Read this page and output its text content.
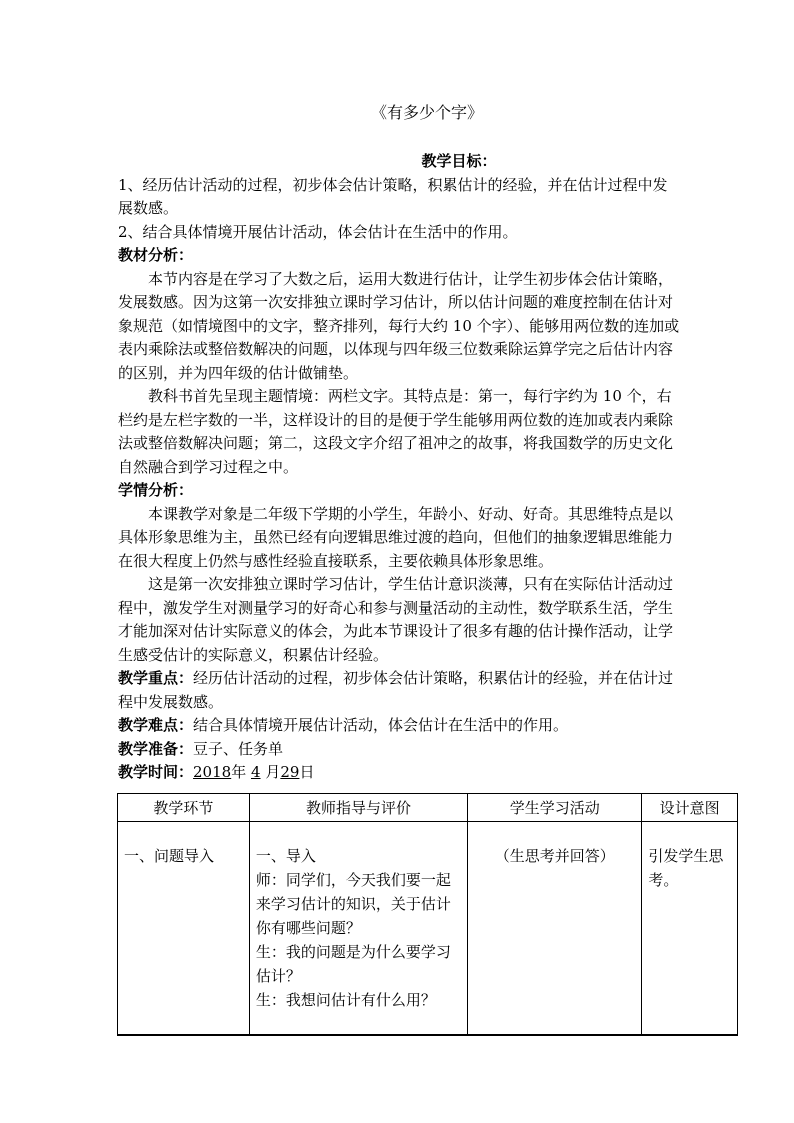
《有多少个字》

教学目标：

1、经历估计活动的过程，初步体会估计策略，积累估计的经验，并在估计过程中发展数感。

2、结合具体情境开展估计活动，体会估计在生活中的作用。

教材分析：

本节内容是在学习了大数之后，运用大数进行估计，让学生初步体会估计策略，发展数感。因为这第一次安排独立课时学习估计，所以估计问题的难度控制在估计对象规范（如情境图中的文字，整齐排列，每行大约 10 个字）、能够用两位数的连加或表内乘除法或整倍数解决的问题，以体现与四年级三位数乘除运算学完之后估计内容的区别，并为四年级的估计做铺垫。

教科书首先呈现主题情境：两栏文字。其特点是：第一，每行字约为 10 个，右栏约是左栏字数的一半，这样设计的目的是便于学生能够用两位数的连加或表内乘除法或整倍数解决问题；第二，这段文字介绍了祖冲之的故事，将我国数学的历史文化自然融合到学习过程之中。

学情分析：

本课教学对象是二年级下学期的小学生，年龄小、好动、好奇。其思维特点是以具体形象思维为主，虽然已经有向逻辑思维过渡的趋向，但他们的抽象逻辑思维能力在很大程度上仍然与感性经验直接联系，主要依赖具体形象思维。

这是第一次安排独立课时学习估计，学生估计意识淡薄，只有在实际估计活动过程中，激发学生对测量学习的好奇心和参与测量活动的主动性，数学联系生活，学生才能加深对估计实际意义的体会，为此本节课设计了很多有趣的估计操作活动，让学生感受估计的实际意义，积累估计经验。

教学重点：经历估计活动的过程，初步体会估计策略，积累估计的经验，并在估计过程中发展数感。

教学难点：结合具体情境开展估计活动，体会估计在生活中的作用。

教学准备：豆子、任务单

教学时间：2018年 4 月29日

教学环节	教师指导与评价	学生学习活动	设计意图
一、问题导入	一、导入
师：同学们，今天我们要一起来学习估计的知识，关于估计你有哪些问题？
生：我的问题是为什么要学习估计？
生：我想问估计有什么用？	（生思考并回答）	引发学生思考。
